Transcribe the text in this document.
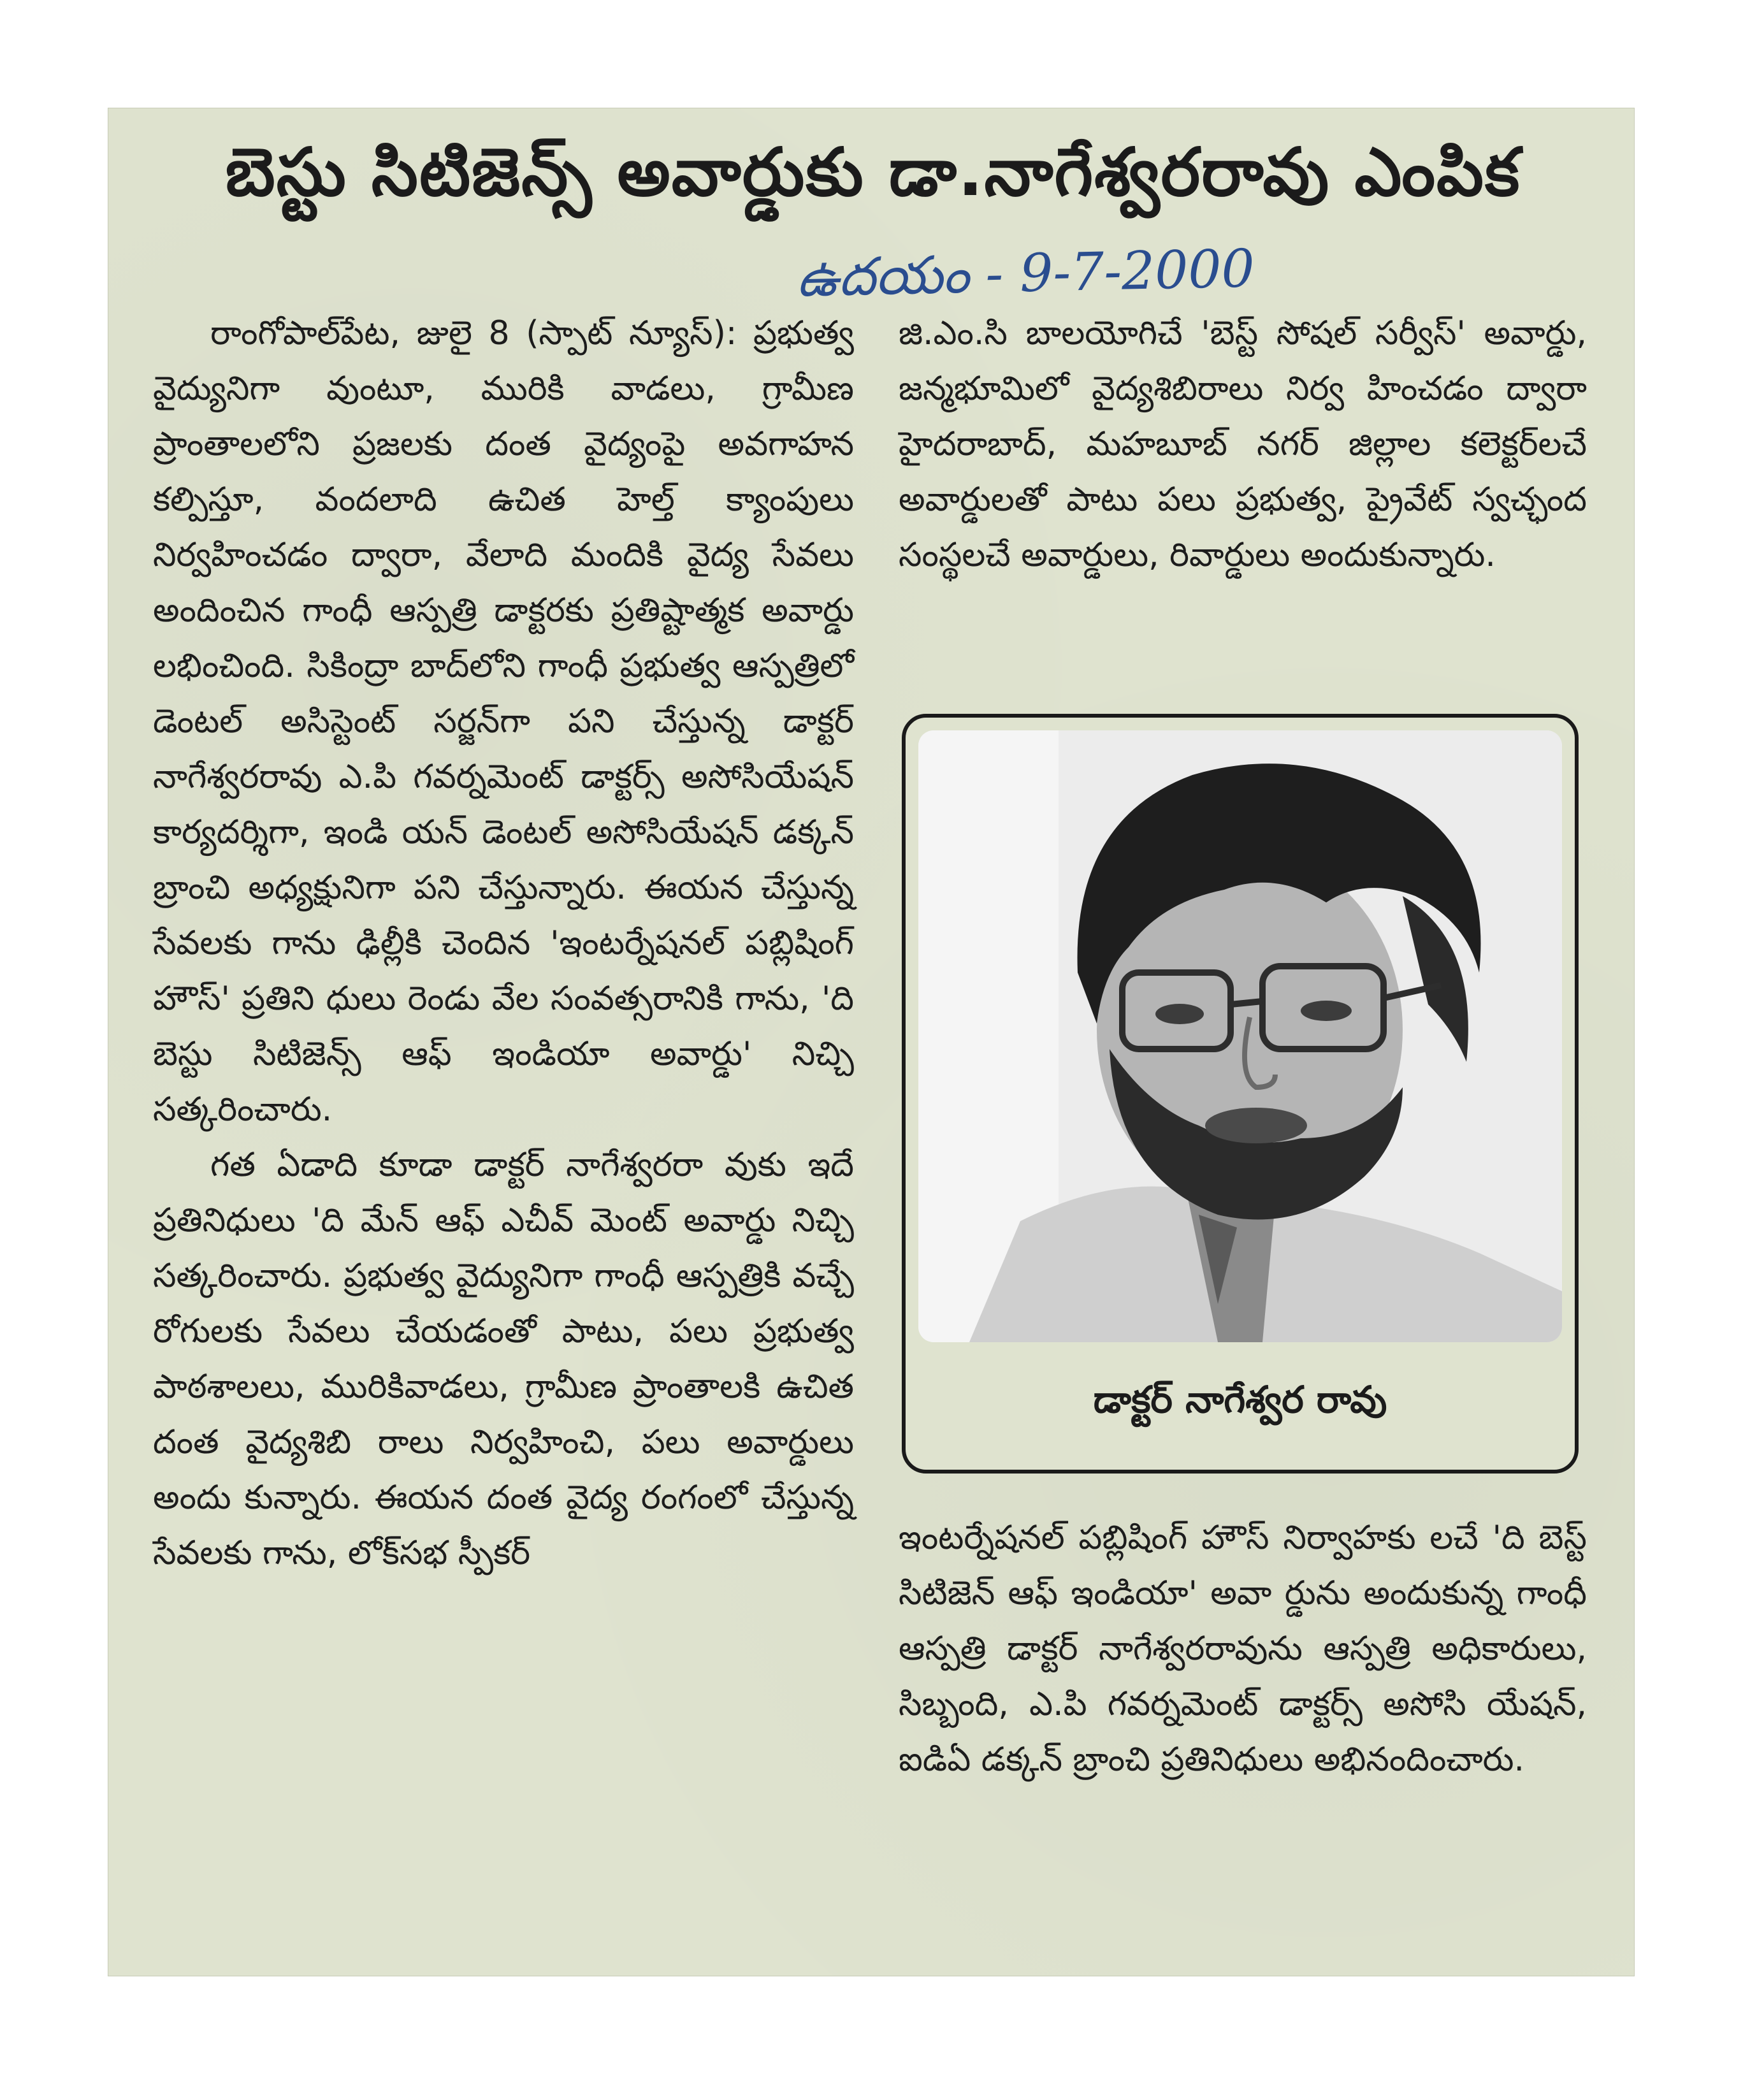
బెస్టు సిటిజెన్స్ అవార్డుకు డా.నాగేశ్వరరావు ఎంపిక
ఉదయం - 9-7-2000

రాంగోపాల్‌పేట, జులై 8 (స్పాట్ న్యూస్): ప్రభుత్వ వైద్యునిగా వుంటూ, మురికి వాడలు, గ్రామీణ ప్రాంతాలలోని ప్రజలకు దంత వైద్యంపై అవగాహన కల్పిస్తూ, వందలాది ఉచిత హెల్త్ క్యాంపులు నిర్వహించడం ద్వారా, వేలాది మందికి వైద్య సేవలు అందించిన గాంధీ ఆస్పత్రి డాక్టరకు ప్రతిష్టాత్మక అవార్డు లభించింది. సికింద్రా బాద్‌లోని గాంధీ ప్రభుత్వ ఆస్పత్రిలో డెంటల్ అసిస్టెంట్ సర్జన్‌గా పని చేస్తున్న డాక్టర్ నాగేశ్వరరావు ఎ.పి గవర్నమెంట్ డాక్టర్స్ అసోసియేషన్ కార్యదర్శిగా, ఇండి యన్ డెంటల్ అసోసియేషన్ డక్కన్ బ్రాంచి అధ్యక్షునిగా పని చేస్తున్నారు. ఈయన చేస్తున్న సేవలకు గాను ఢిల్లీకి చెందిన 'ఇంటర్నేషనల్ పబ్లిషింగ్ హౌస్' ప్రతిని ధులు రెండు వేల సంవత్సరానికి గాను, 'ది బెస్టు సిటిజెన్స్ ఆఫ్ ఇండియా అవార్డు' నిచ్చి సత్కరించారు.

గత ఏడాది కూడా డాక్టర్ నాగేశ్వరరా వుకు ఇదే ప్రతినిధులు 'ది మేన్ ఆఫ్ ఎచీవ్ మెంట్ అవార్డు నిచ్చి సత్కరించారు. ప్రభుత్వ వైద్యునిగా గాంధీ ఆస్పత్రికి వచ్చే రోగులకు సేవలు చేయడంతో పాటు, పలు ప్రభుత్వ పాఠశాలలు, మురికివాడలు, గ్రామీణ ప్రాంతాలకి ఉచిత దంత వైద్యశిబి రాలు నిర్వహించి, పలు అవార్డులు అందు కున్నారు. ఈయన దంత వైద్య రంగంలో చేస్తున్న సేవలకు గాను, లోక్‌సభ స్పీకర్

జి.ఎం.సి బాలయోగిచే 'బెస్ట్ సోషల్ సర్వీస్' అవార్డు, జన్మభూమిలో వైద్యశిబిరాలు నిర్వ హించడం ద్వారా హైదరాబాద్, మహబూబ్ నగర్ జిల్లాల కలెక్టర్‌లచే అవార్డులతో పాటు పలు ప్రభుత్వ, ప్రైవేట్ స్వచ్ఛంద సంస్థలచే అవార్డులు, రివార్డులు అందుకున్నారు.

డాక్టర్ నాగేశ్వర రావు

ఇంటర్నేషనల్ పబ్లిషింగ్ హౌస్ నిర్వాహకు లచే 'ది బెస్ట్ సిటిజెన్ ఆఫ్ ఇండియా' అవా ర్డును అందుకున్న గాంధీ ఆస్పత్రి డాక్టర్ నాగేశ్వరరావును ఆస్పత్రి అధికారులు, సిబ్బంది, ఎ.పి గవర్నమెంట్ డాక్టర్స్ అసోసి యేషన్, ఐడిఏ డక్కన్ బ్రాంచి ప్రతినిధులు అభినందించారు.
